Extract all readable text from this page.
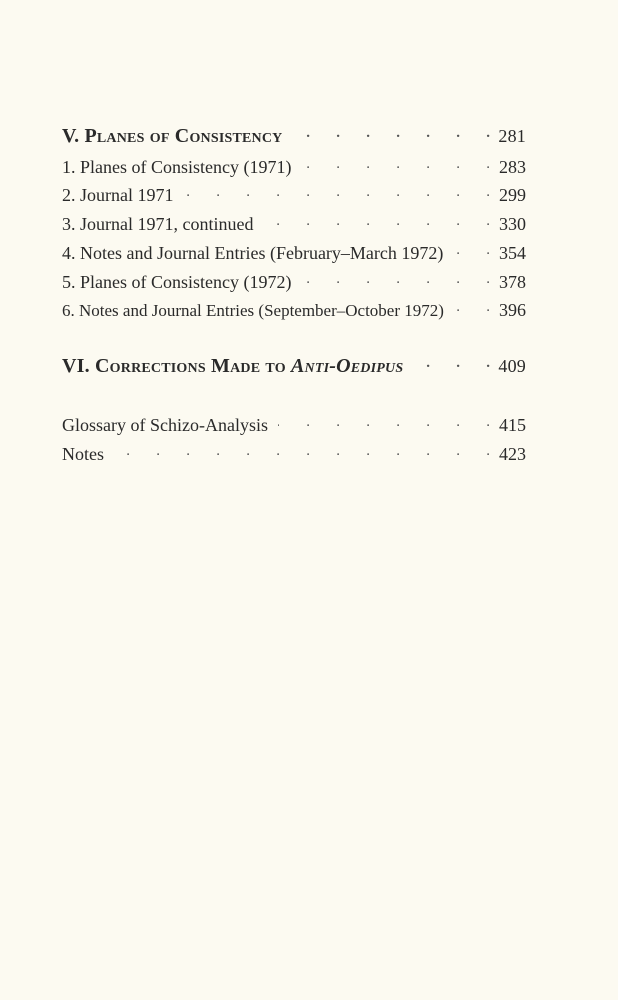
V. Planes of Consistency .	281
1. Planes of Consistency (1971) .	283
2. Journal 1971 .	299
3. Journal 1971, continued .	330
4. Notes and Journal Entries (February–March 1972) .	354
5. Planes of Consistency (1972) .	378
6. Notes and Journal Entries (September–October 1972) .	396
VI. Corrections Made to Anti-Oedipus .	409
Glossary of Schizo-Analysis .	415
Notes .	423
